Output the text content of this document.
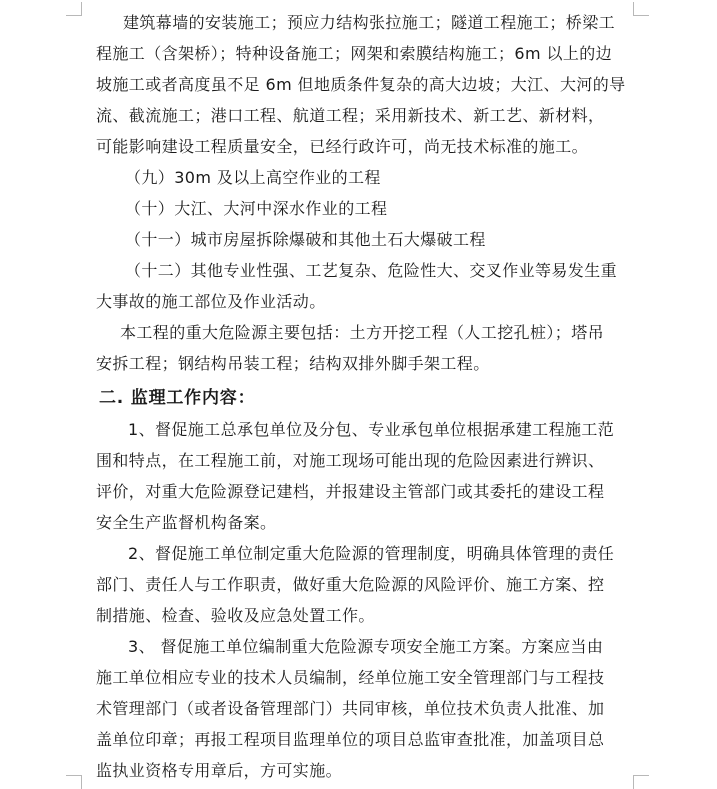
建筑幕墙的安装施工；预应力结构张拉施工；隧道工程施工；桥梁工
程施工（含架桥）；特种设备施工；网架和索膜结构施工；6m 以上的边
坡施工或者高度虽不足 6m 但地质条件复杂的高大边坡；大江、大河的导
流、截流施工；港口工程、航道工程；采用新技术、新工艺、新材料，
可能影响建设工程质量安全，已经行政许可，尚无技术标准的施工。
（九）30m 及以上高空作业的工程
（十）大江、大河中深水作业的工程
（十一）城市房屋拆除爆破和其他土石大爆破工程
（十二）其他专业性强、工艺复杂、危险性大、交叉作业等易发生重
大事故的施工部位及作业活动。
本工程的重大危险源主要包括：土方开挖工程（人工挖孔桩）；塔吊
安拆工程；钢结构吊装工程；结构双排外脚手架工程。
二. 监理工作内容：
1、督促施工总承包单位及分包、专业承包单位根据承建工程施工范
围和特点，在工程施工前，对施工现场可能出现的危险因素进行辨识、
评价，对重大危险源登记建档，并报建设主管部门或其委托的建设工程
安全生产监督机构备案。
2、督促施工单位制定重大危险源的管理制度，明确具体管理的责任
部门、责任人与工作职责，做好重大危险源的风险评价、施工方案、控
制措施、检查、验收及应急处置工作。
3、 督促施工单位编制重大危险源专项安全施工方案。方案应当由
施工单位相应专业的技术人员编制，经单位施工安全管理部门与工程技
术管理部门（或者设备管理部门）共同审核，单位技术负责人批准、加
盖单位印章；再报工程项目监理单位的项目总监审查批准，加盖项目总
监执业资格专用章后，方可实施。
